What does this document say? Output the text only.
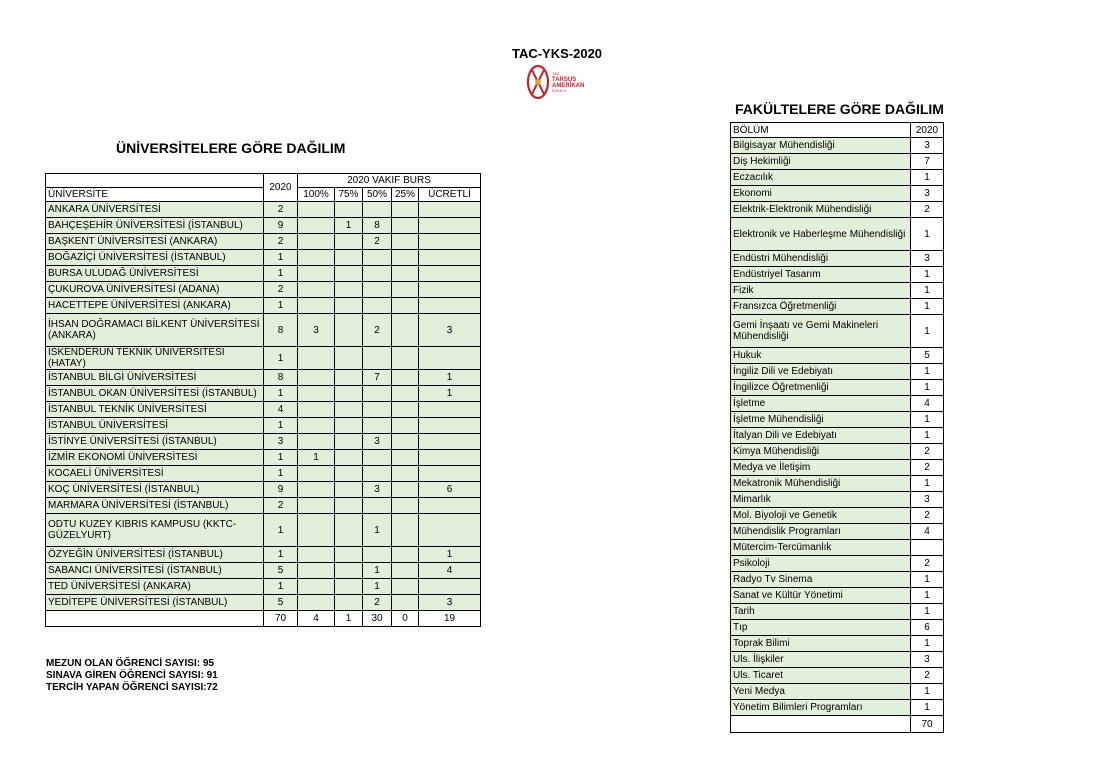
TAC-YKS-2020
TAC
TARSUS
AMERİKAN
KOLEJİ
ÜNİVERSİTELERE GÖRE DAĞILIM
FAKÜLTELERE GÖRE DAĞILIM
	2020	2020 VAKIF BURS				
ÜNİVERSİTE		100%	75%	50%	25%	ÜCRETLİ
ANKARA ÜNİVERSİTESİ	2					
BAHÇEŞEHİR ÜNİVERSİTESİ (İSTANBUL)	9		1	8		
BAŞKENT ÜNİVERSİTESİ (ANKARA)	2			2		
BOĞAZİÇİ ÜNİVERSİTESİ (İSTANBUL)	1					
BURSA ULUDAĞ ÜNİVERSİTESİ	1					
ÇUKUROVA ÜNİVERSİTESİ (ADANA)	2					
HACETTEPE ÜNİVERSİTESİ (ANKARA)	1					
İHSAN DOĞRAMACI BİLKENT ÜNİVERSİTESİ (ANKARA)	8	3		2		3
İSKENDERUN TEKNİK ÜNİVERSİTESİ (HATAY)	1					
İSTANBUL BİLGİ ÜNİVERSİTESİ	8			7		1
İSTANBUL OKAN ÜNİVERSİTESİ (İSTANBUL)	1					1
İSTANBUL TEKNİK ÜNİVERSİTESİ	4					
İSTANBUL ÜNİVERSİTESİ	1					
İSTİNYE ÜNİVERSİTESİ (İSTANBUL)	3			3		
İZMİR EKONOMİ ÜNİVERSİTESİ	1	1				
KOCAELİ ÜNİVERSİTESİ	1					
KOÇ ÜNİVERSİTESİ (İSTANBUL)	9			3		6
MARMARA ÜNİVERSİTESİ (İSTANBUL)	2					
ODTU KUZEY KIBRIS KAMPUSU (KKTC-GÜZELYURT)	1			1		
ÖZYEĞİN ÜNİVERSİTESİ (İSTANBUL)	1					1
SABANCI ÜNİVERSİTESİ (İSTANBUL)	5			1		4
TED ÜNİVERSİTESİ (ANKARA)	1			1		
YEDİTEPE ÜNİVERSİTESİ (İSTANBUL)	5			2		3
	70	4	1	30	0	19
BÖLÜM	2020
Bilgisayar Mühendisliği	3
Diş Hekimliği	7
Eczacılık	1
Ekonomi	3
Elektrik-Elektronik Mühendisliği	2
Elektronik ve Haberleşme Mühendisliği	1
Endüstri Mühendisliği	3
Endüstriyel Tasarım	1
Fizik	1
Fransızca Öğretmenliği	1
Gemi İnşaatı ve Gemi Makineleri Mühendisliği	1
Hukuk	5
İngiliz Dili ve Edebiyatı	1
İngilizce Öğretmenliği	1
İşletme	4
İşletme Mühendisliği	1
İtalyan Dili ve Edebiyatı	1
Kimya Mühendisliği	2
Medya ve İletişim	2
Mekatronik Mühendisliği	1
Mimarlık	3
Mol. Biyoloji ve Genetik	2
Mühendislik Programları	4
Mütercim-Tercümanlık	
Psikoloji	2
Radyo Tv Sinema	1
Sanat ve Kültür Yönetimi	1
Tarih	1
Tıp	6
Toprak Bilimi	1
Uls. İlişkiler	3
Uls. Ticaret	2
Yeni Medya	1
Yönetim Bilimleri Programları	1
	70
MEZUN OLAN ÖĞRENCİ SAYISI: 95
SINAVA GİREN ÖĞRENCİ SAYISI: 91
TERCİH YAPAN ÖĞRENCİ SAYISI:72
